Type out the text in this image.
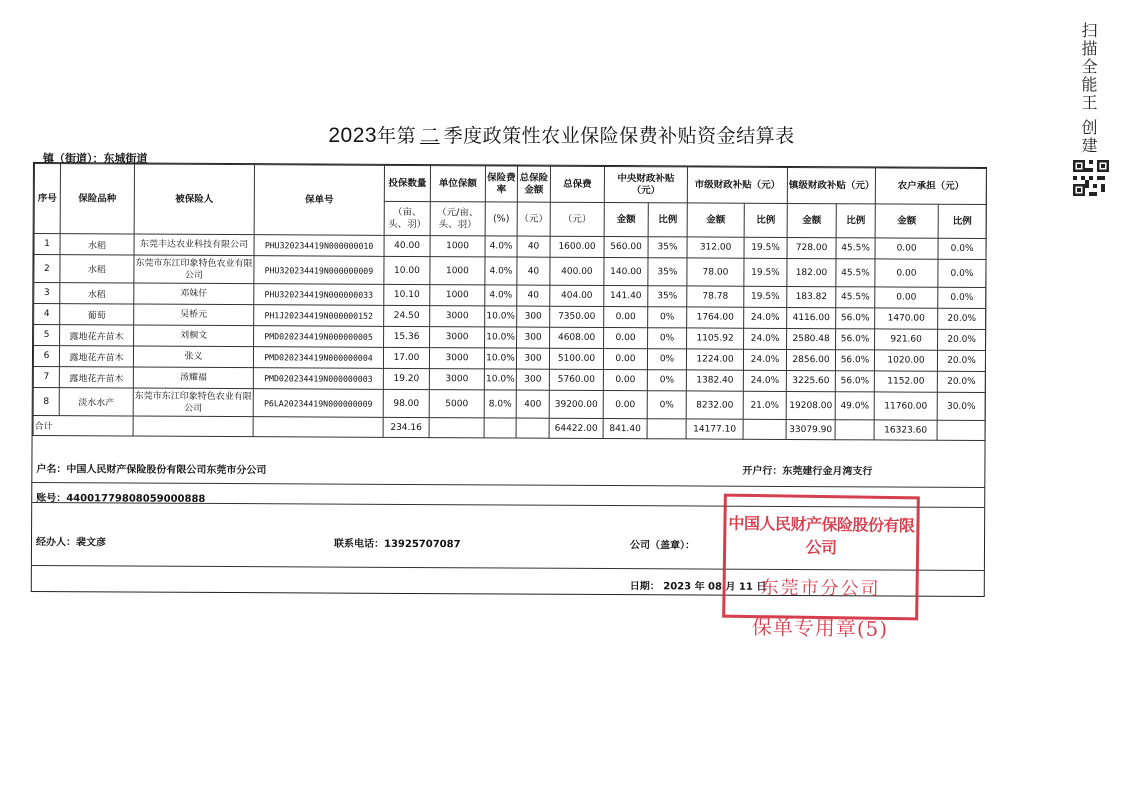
2023年第 二 季度政策性农业保险保费补贴资金结算表
镇（街道）：东城街道
序号	保险品种	被保险人	保单号	投保数量	单位保额	保险费率	总保险金额	总保费	中央财政补贴（元）		市级财政补贴（元）		镇级财政补贴（元）		农户承担（元）	
				（亩、头、羽）	（元/亩、头、羽）	(%)	（元）	（元）	金额	比例	金额	比例	金额	比例	金额	比例
1	水稻	东莞丰达农业科技有限公司	PHU320234419N000000010	40.00	1000	4.0%	40	1600.00	560.00	35%	312.00	19.5%	728.00	45.5%	0.00	0.0%
2	水稻	东莞市东江印象特色农业有限公司	PHU320234419N000000009	10.00	1000	4.0%	40	400.00	140.00	35%	78.00	19.5%	182.00	45.5%	0.00	0.0%
3	水稻	邓妹仔	PHU320234419N000000033	10.10	1000	4.0%	40	404.00	141.40	35%	78.78	19.5%	183.82	45.5%	0.00	0.0%
4	葡萄	吴桥元	PH1J20234419N000000152	24.50	3000	10.0%	300	7350.00	0.00	0%	1764.00	24.0%	4116.00	56.0%	1470.00	20.0%
5	露地花卉苗木	刘桐文	PMD020234419N000000005	15.36	3000	10.0%	300	4608.00	0.00	0%	1105.92	24.0%	2580.48	56.0%	921.60	20.0%
6	露地花卉苗木	张义	PMD020234419N000000004	17.00	3000	10.0%	300	5100.00	0.00	0%	1224.00	24.0%	2856.00	56.0%	1020.00	20.0%
7	露地花卉苗木	汤耀福	PMD020234419N000000003	19.20	3000	10.0%	300	5760.00	0.00	0%	1382.40	24.0%	3225.60	56.0%	1152.00	20.0%
8	淡水水产	东莞市东江印象特色农业有限公司	P6LA20234419N000000009	98.00	5000	8.0%	400	39200.00	0.00	0%	8232.00	21.0%	19208.00	49.0%	11760.00	30.0%
合计				234.16				64422.00	841.40		14177.10		33079.90		16323.60	
户名：中国人民财产保险股份有限公司东莞市分公司	开户行：东莞建行金月湾支行
账号：44001779808059000888
经办人：裴文彦	联系电话：13925707087	公司（盖章）：
日期： 2023 年 08 月 11 日
中国人民财产保险股份有限公司
东莞市分公司
保单专用章(5)
扫描全能王 创建
